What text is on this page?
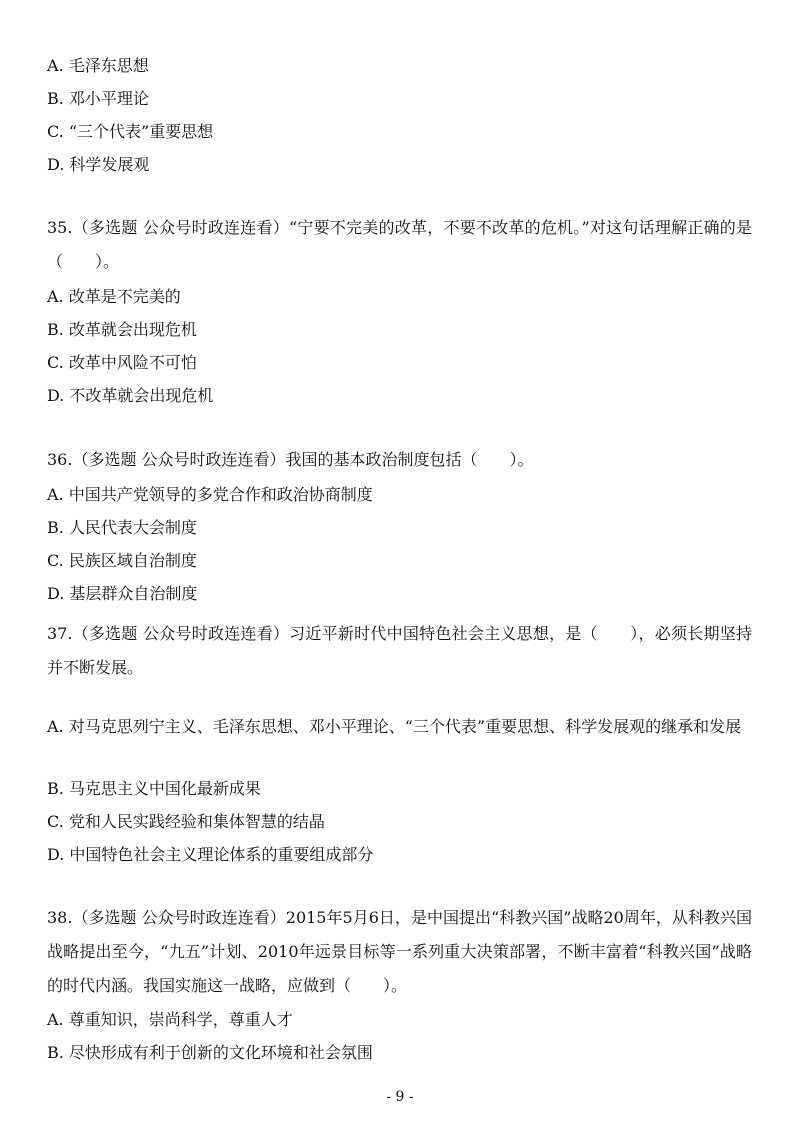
A. 毛泽东思想
B. 邓小平理论
C. “三个代表”重要思想
D. 科学发展观
35.（多选题 公众号时政连连看）“宁要不完美的改革，不要不改革的危机。”对这句话理解正确的是（　　）。
A. 改革是不完美的
B. 改革就会出现危机
C. 改革中风险不可怕
D. 不改革就会出现危机
36.（多选题 公众号时政连连看）我国的基本政治制度包括（　　）。
A. 中国共产党领导的多党合作和政治协商制度
B. 人民代表大会制度
C. 民族区域自治制度
D. 基层群众自治制度
37.（多选题 公众号时政连连看）习近平新时代中国特色社会主义思想，是（　　），必须长期坚持并不断发展。
A. 对马克思列宁主义、毛泽东思想、邓小平理论、“三个代表”重要思想、科学发展观的继承和发展
B. 马克思主义中国化最新成果
C. 党和人民实践经验和集体智慧的结晶
D. 中国特色社会主义理论体系的重要组成部分
38.（多选题 公众号时政连连看）2015年5月6日，是中国提出“科教兴国”战略20周年，从科教兴国战略提出至今，“九五”计划、2010年远景目标等一系列重大决策部署，不断丰富着“科教兴国”战略的时代内涵。我国实施这一战略，应做到（　　）。
A. 尊重知识，崇尚科学，尊重人才
B. 尽快形成有利于创新的文化环境和社会氛围
- 9 -
